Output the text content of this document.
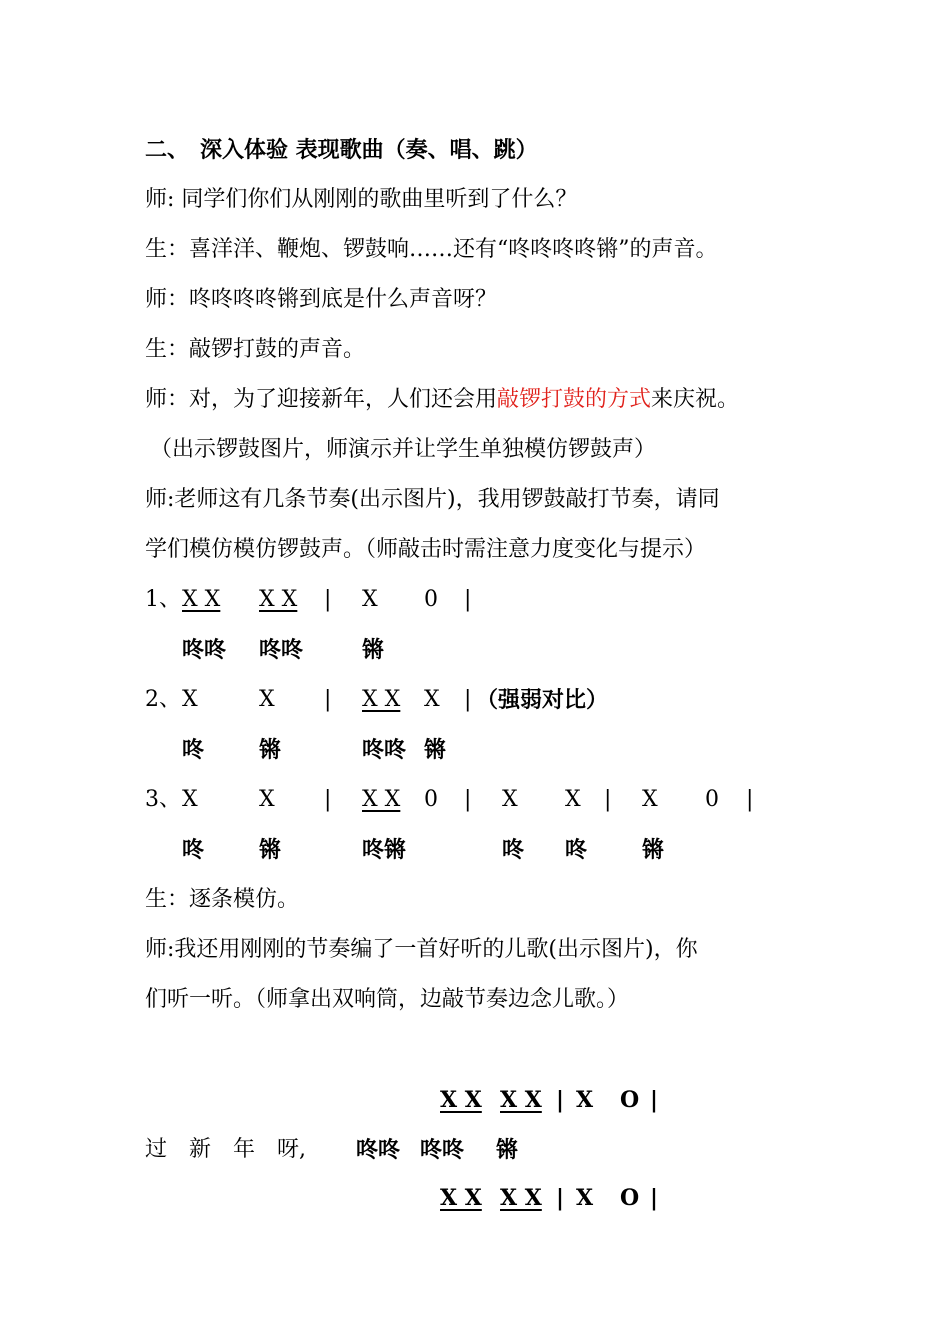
二、　深入体验 表现歌曲（奏、唱、跳）
师: 同学们你们从刚刚的歌曲里听到了什么？
生：喜洋洋、鞭炮、锣鼓响……还有“咚咚咚咚锵”的声音。
师：咚咚咚咚锵到底是什么声音呀？
生：敲锣打鼓的声音。
师：对，为了迎接新年，人们还会用敲锣打鼓的方式来庆祝。
（出示锣鼓图片，师演示并让学生单独模仿锣鼓声）
师:老师这有几条节奏(出示图片)，我用锣鼓敲打节奏，请同
学们模仿模仿锣鼓声。（师敲击时需注意力度变化与提示）
1、 X X X X | X 0 |
咚咚 咚咚	锵
2、 X	X | X X X | （强弱对比）
咚 锵	咚咚 锵
3、 X	X | X X 0 | X X | X 0 |
咚 锵	咚锵	咚 咚 锵
生：逐条模仿。
师:我还用刚刚的节奏编了一首好听的儿歌(出示图片)，你
们听一听。（师拿出双响筒，边敲节奏边念儿歌。）
X X X X | X O |
过　新　年　呀, 咚咚 咚咚 锵
X X X X | X O |
